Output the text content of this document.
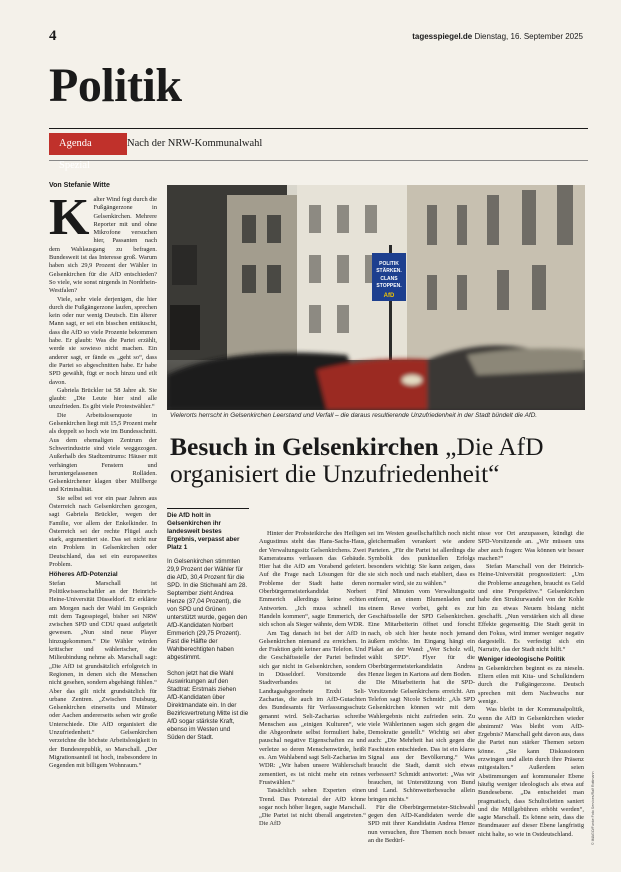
4	tagesspiegel.de Dienstag, 16. September 2025
Politik
Agenda Spezial
Nach der NRW-Kommunalwahl
Von Stefanie Witte

Kalter Wind fegt durch die Fußgängerzone in Gelsenkirchen. Mehrere Reporter mit und ohne Mikrofone versuchen hier, Passanten nach dem Wahlausgang zu befragen. Bundesweit ist das Interesse groß. Warum haben sich 29,9 Prozent der Wähler in Gelsenkirchen für die AfD entschieden? So viele, wie sonst nirgends in Nordrhein-Westfalen?

Viele, sehr viele derjenigen, die hier durch die Fußgängerzone laufen, sprechen kein oder nur wenig Deutsch. Ein älterer Mann sagt, er sei ein bisschen enttäuscht, dass die AfD so viele Prozente bekommen habe. Er glaubt: Was die Partei erzählt, werde sie sowieso nicht machen. Ein anderer sagt, er fände es „geht so“, dass die Partei so abgeschnitten habe. Er habe SPD gewählt, fügt er noch hinzu und eilt davon.

Gabriela Brückler ist 58 Jahre alt. Sie glaubt: „Die Leute hier sind alle unzufrieden. Es gibt viele Protestwähler.“

Die Arbeitslosenquote in Gelsenkirchen liegt mit 15,5 Prozent mehr als doppelt so hoch wie im Bundesschnitt. Aus dem ehemaligen Zentrum der Schwerindustrie sind viele weggezogen. Außerhalb des Stadtzentrums: Häuser mit verhängten Fenstern und heruntergelassenen Rolläden. Gelsenkirchener klagen über Müllberge und Kriminalität.

Sie selbst sei vor ein paar Jahren aus Österreich nach Gelsenkirchen gezogen, sagt Gabriela Brückler, wegen der Familie, vor allem der Enkelkinder. In Österreich sei der rechte Flügel auch stark, argumentiert sie. Das sei nicht nur ein Problem in Gelsenkirchen oder Deutschland, das sei ein europaweites Problem.

Höheres AfD-Potenzial

Stefan Marschall ist Politikwissenschaftler an der Heinrich-Heine-Universität Düsseldorf. Er erklärte am Morgen nach der Wahl im Gespräch mit dem Tagesspiegel, bisher sei NRW zwischen SPD und CDU quasi aufgeteilt gewesen. „Nun sind neue Player hinzugekommen.“ Die Wähler würden kritischer und wählerischer, die Milieubindung nehme ab. Marschall sagt: „Die AfD ist grundsätzlich erfolgreich in Regionen, in denen sich die Menschen nicht gesehen, sondern abgehängt fühlen.“ Aber das gilt nicht grundsätzlich für urbane Zentren. „Zwischen Duisburg, Gelsenkirchen einerseits und Münster oder Aachen andererseits sehen wir große Unterschiede. Die AfD organisiert die Unzufriedenheit.“ Gelsenkirchen verzeichne die höchste Arbeitslosigkeit in der Bundesrepublik, so Marschall. „Der Migrationsanteil ist hoch, insbesondere in Gegenden mit billigem Wohnraum.“

POLITIK
STÄRKEN.
CLANS
STOPPEN.
AfD
© IMAGO/Funke Foto Services/Ralf Rottmann
Vielerorts herrscht in Gelsenkirchen Leerstand und Verfall – die daraus resultierende Unzufriedenheit in der Stadt bündelt die AfD.
Besuch in Gelsenkirchen „Die AfD organisiert die Unzufriedenheit“
Die AfD holt in Gelsenkirchen ihr landesweit bestes Ergebnis, verpasst aber Platz 1

In Gelsenkirchen stimmten 29,9 Prozent der Wähler für die AfD, 30,4 Prozent für die SPD. In die Stichwahl am 28. September zieht Andrea Henze (37,04 Prozent), die von SPD und Grünen unterstützt wurde, gegen den AfD-Kandidaten Norbert Emmerich (29,75 Prozent). Fast die Hälfte der Wahlberechtigten haben abgestimmt.

Schon jetzt hat die Wahl Auswirkungen auf den Stadtrat: Erstmals ziehen AfD-Kandidaten über Direktmandate ein. In der Bezirksvertretung Mitte ist die AfD sogar stärkste Kraft, ebenso im Westen und Süden der Stadt.

Hinter der Probsteikirche des Heiligen Augustinus steht das Hans-Sachs-Haus, der Verwaltungssitz Gelsenkirchens. Zwei Kamerateams verlassen das Gebäude. Hier hat die AfD am Vorabend gefeiert. Auf die Frage nach Lösungen für die Probleme der Stadt hatte deren Oberbürgermeisterkandidat Norbert Emmerich allerdings keine echten Antworten. „Ich muss schnell ins Handeln kommen“, sagte Emmerich, der sich schon als Sieger wähnte, dem WDR.

Am Tag danach ist bei der AfD in Gelsenkirchen niemand zu erreichen. In der Fraktion geht keiner ans Telefon. Und die Geschäftsstelle der Partei befindet sich gar nicht in Gelsenkirchen, sondern in Düsseldorf. Vorsitzende des Stadtverbandes ist die Landtagsabgeordnete Enxhi Seli-Zacharias, die auch im AfD-Gutachten des Bundesamts für Verfassungsschutz genannt wird. Seli-Zacharias schreibe Menschen aus „einigen Kulturen“, wie die Abgeordnete selbst formuliert habe, pauschal negative Eigenschaften zu und verletze so deren Menschenwürde, heißt es. Am Wahlabend sagt Seli-Zacharias im WDR: „Wir haben unsere Wählerschaft zementiert, es ist nicht mehr ein reines Frustwählen.“

Tatsächlich sehen Experten einen Trend. Das Potenzial der AfD könne sogar noch höher liegen, sagte Marschall. „Die Partei ist nicht überall angetreten.“ Die AfD

sei im Westen gesellschaftlich noch nicht gleichermaßen verankert wie andere Parteien. „Für die Partei ist allerdings die Symbolik des punktuellen Erfolgs besonders wichtig: Sie kann zeigen, dass sie sich noch und nach etabliert, dass es normaler wird, sie zu wählen.“

Fünf Minuten vom Verwaltungssitz entfernt, an einem Blumenladen und einem Rewe vorbei, geht es zur Geschäftsstelle der SPD Gelsenkirchen. Eine Mitarbeiterin öffnet und forscht nach, ob sich hier heute noch jemand äußern möchte. Im Eingang hängt ein Plakat an der Wand: „Wer Scholz will, wählt SPD“. Flyer für die Oberbürgermeisterkandidatin Andrea Henze liegen in Kartons auf dem Boden.

Die Mitarbeiterin hat die SPD-Vorsitzende Gelsenkirchens erreicht. Am Telefon sagt Nicole Schmidt: „Als SPD Gelsenkirchen können wir mit dem Wahlergebnis nicht zufrieden sein. Zu viele Wählerinnen sagen sich gegen die Demokratie gestellt.“ Wichtig sei aber auch: „Die Mehrheit hat sich gegen die Faschisten entschieden. Das ist ein klares Signal aus der Bevölkerung.“ Was braucht die Stadt, damit sich etwas verbessert? Schmidt antwortet: „Was wir brauchen, ist Unterstützung von Bund und Land. Schönwetterbesuche allein bringen nichts.“

Für die Oberbürgermeister-Stichwahl gegen den AfD-Kandidaten werde die SPD mit ihrer Kandidatin Andrea Henze nun versuchen, ihre Themen noch besser an die Bedürf-

nisse vor Ort anzupassen, kündigt die SPD-Vorsitzende an. „Wir müssen uns aber auch fragen: Was können wir besser machen?“

Stefan Marschall von der Heinrich-Heine-Universität prognostiziert: „Um die Probleme anzugehen, braucht es Geld und eine Perspektive.“ Gelsenkirchen habe den Strukturwandel von der Kohle hin zu etwas Neuem bislang nicht geschafft. „Nun verstärken sich all diese Effekte gegenseitig. Die Stadt gerät in den Fokus, wird immer weniger negativ dargestellt. Es verfestigt sich ein Narrativ, das der Stadt nicht hilft.“

Weniger ideologische Politik

In Gelsenkirchen beginnt es zu nieseln. Eltern eilen mit Kita- und Schulkindern durch die Fußgängerzone. Deutsch sprechen mit dem Nachwuchs nur wenige.

Was bleibt in der Kommunalpolitik, wenn die AfD in Gelsenkirchen wieder abnimmt? Was bleibt vom AfD-Ergebnis? Marschall geht davon aus, dass die Partei nun stärker Themen setzen könne. „Sie kann Diskussionen erzwingen und allein durch ihre Präsenz mitgestalten.“ Außerdem seien Abstimmungen auf kommunaler Ebene häufig weniger ideologisch als etwa auf Bundesebene. „Da entscheidet man pragmatisch, dass Schultoiletten saniert und die Müllgebühren erhöht werden“, sagte Marschall. Es könne sein, dass die Brandmauer auf dieser Ebene langfristig nicht halte, so wie in Ostdeutschland.
